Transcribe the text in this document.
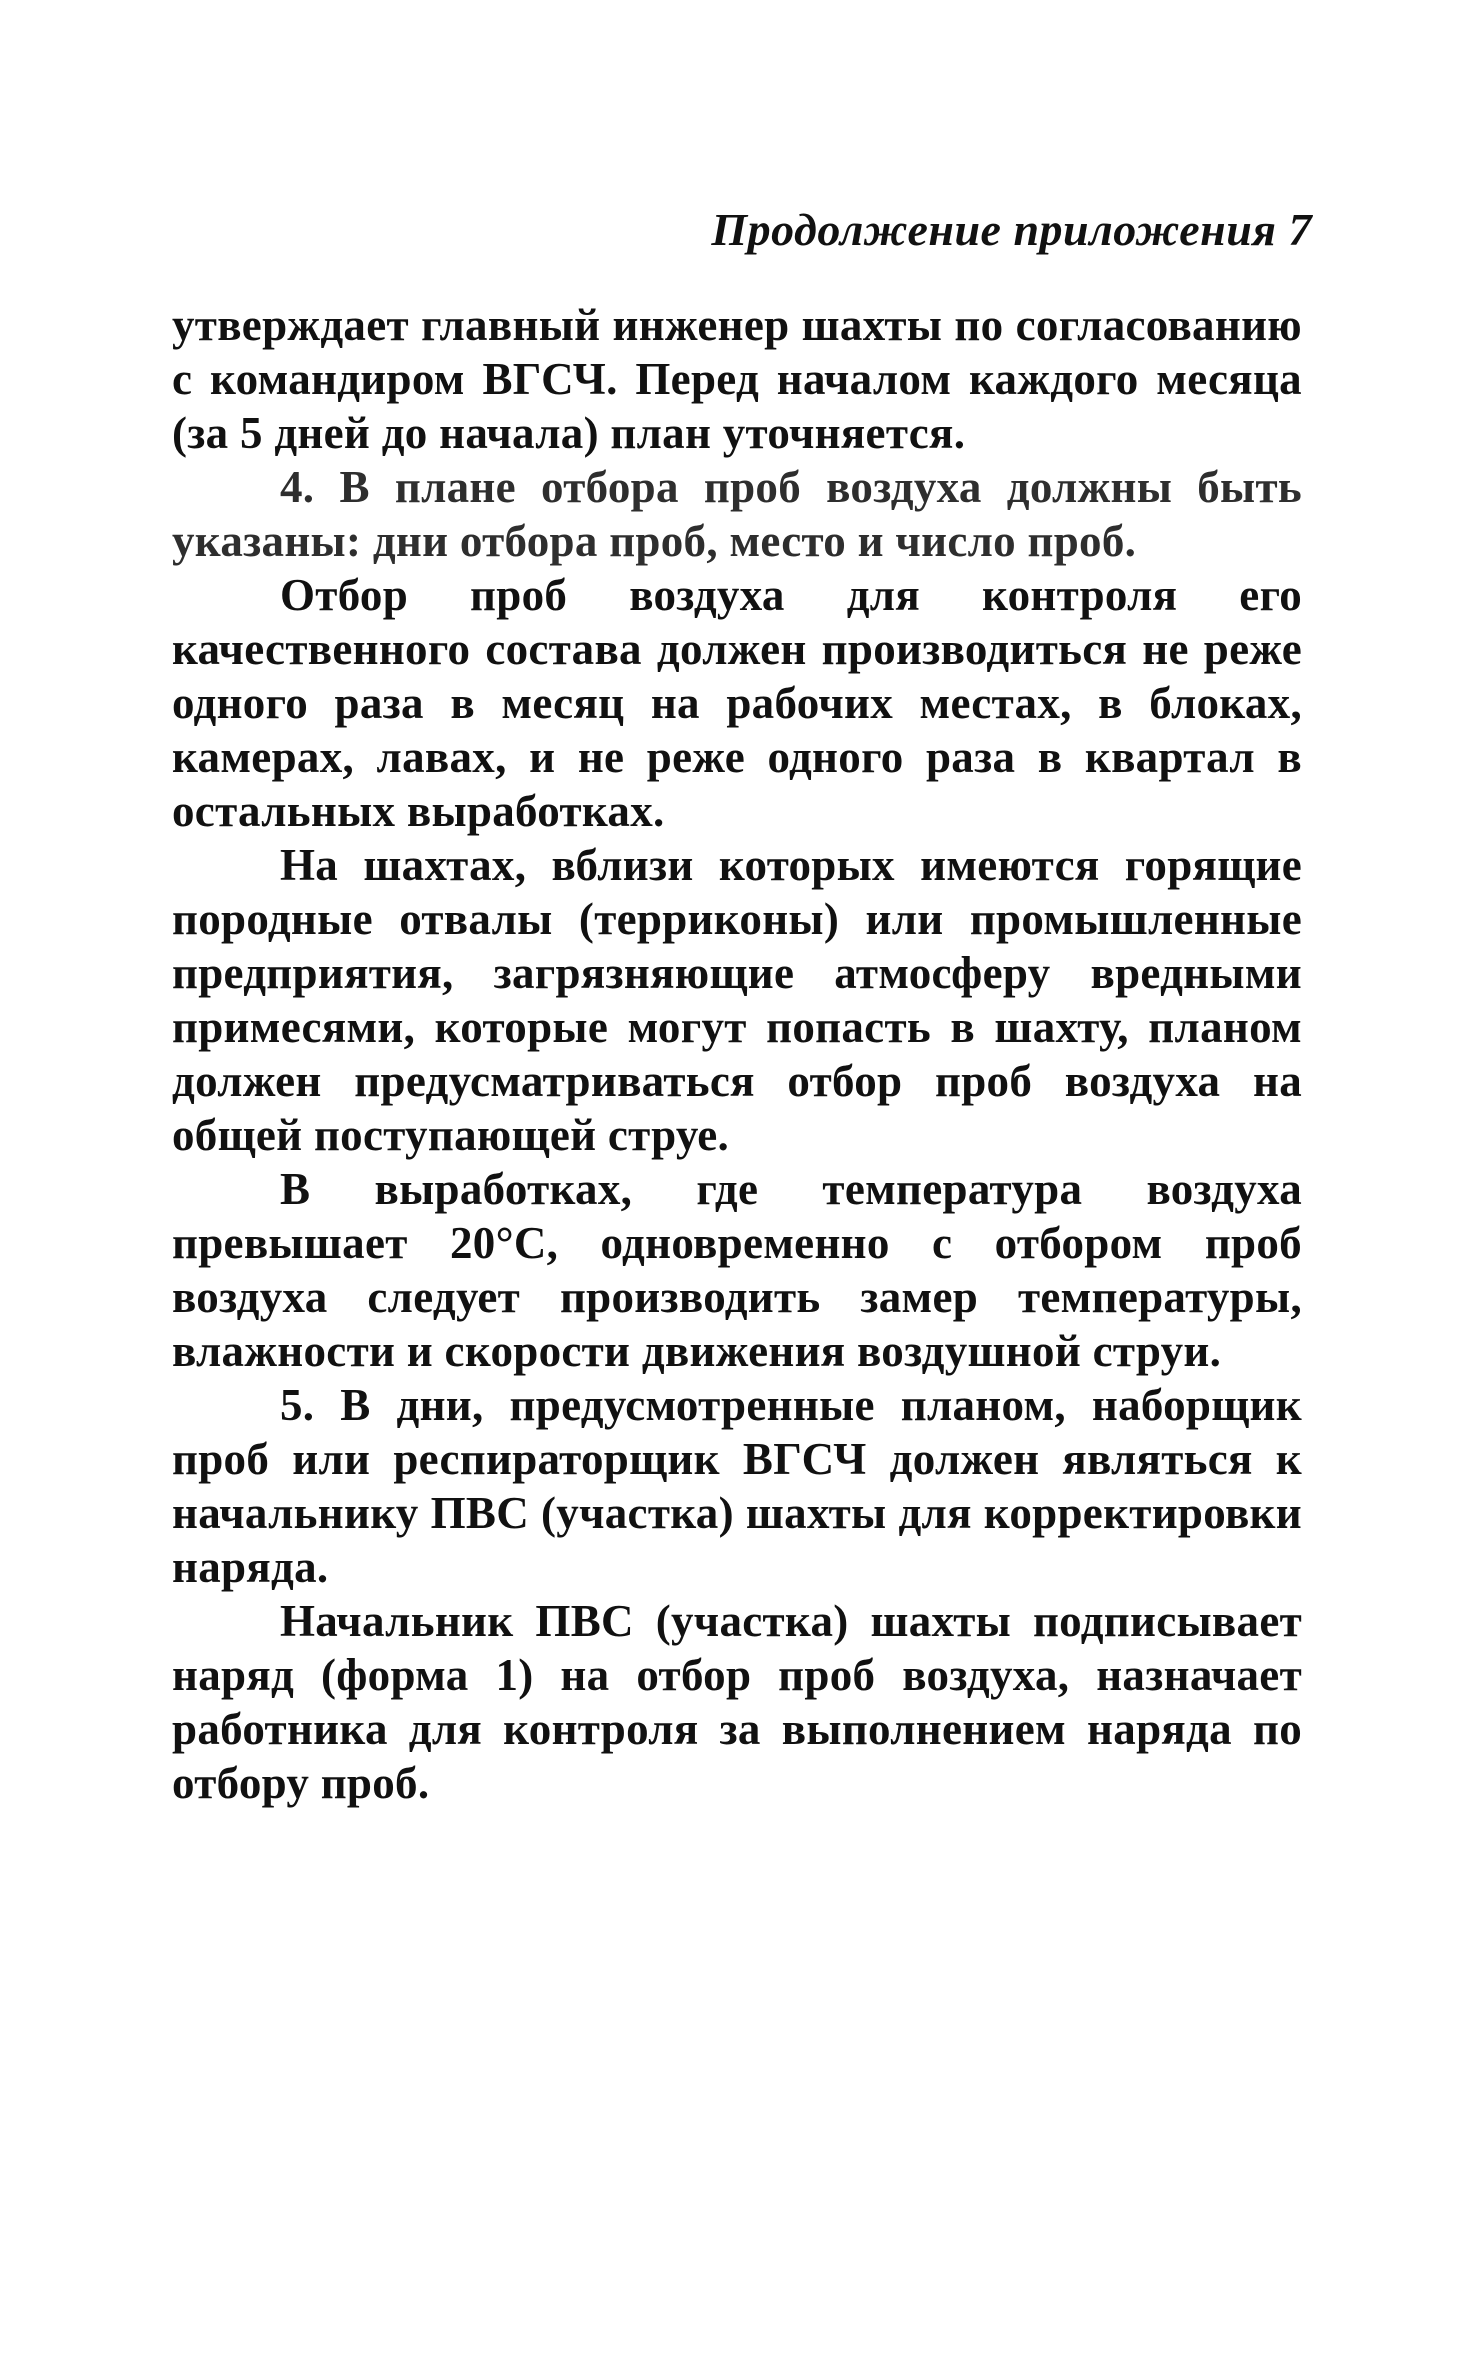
Продолжение приложения 7

утверждает главный инженер шахты по согласованию с командиром ВГСЧ. Перед началом каждого месяца (за 5 дней до начала) план уточняется.

4. В плане отбора проб воздуха должны быть указаны: дни отбора проб, место и число проб.

Отбор проб воздуха для контроля его качественного состава должен производиться не реже одного раза в месяц на рабочих местах, в блоках, камерах, лавах, и не реже одного раза в квартал в остальных выработках.

На шахтах, вблизи которых имеются горящие породные отвалы (терриконы) или промышленные предприятия, загрязняющие атмосферу вредными примесями, которые могут попасть в шахту, планом должен предусматриваться отбор проб воздуха на общей поступающей струе.

В выработках, где температура воздуха превышает 20°С, одновременно с отбором проб воздуха следует производить замер температуры, влажности и скорости движения воздушной струи.

5. В дни, предусмотренные планом, наборщик проб или респираторщик ВГСЧ должен являться к начальнику ПВС (участка) шахты для корректировки наряда.

Начальник ПВС (участка) шахты подписывает наряд (форма 1) на отбор проб воздуха, назначает работника для контроля за выполнением наряда по отбору проб.
